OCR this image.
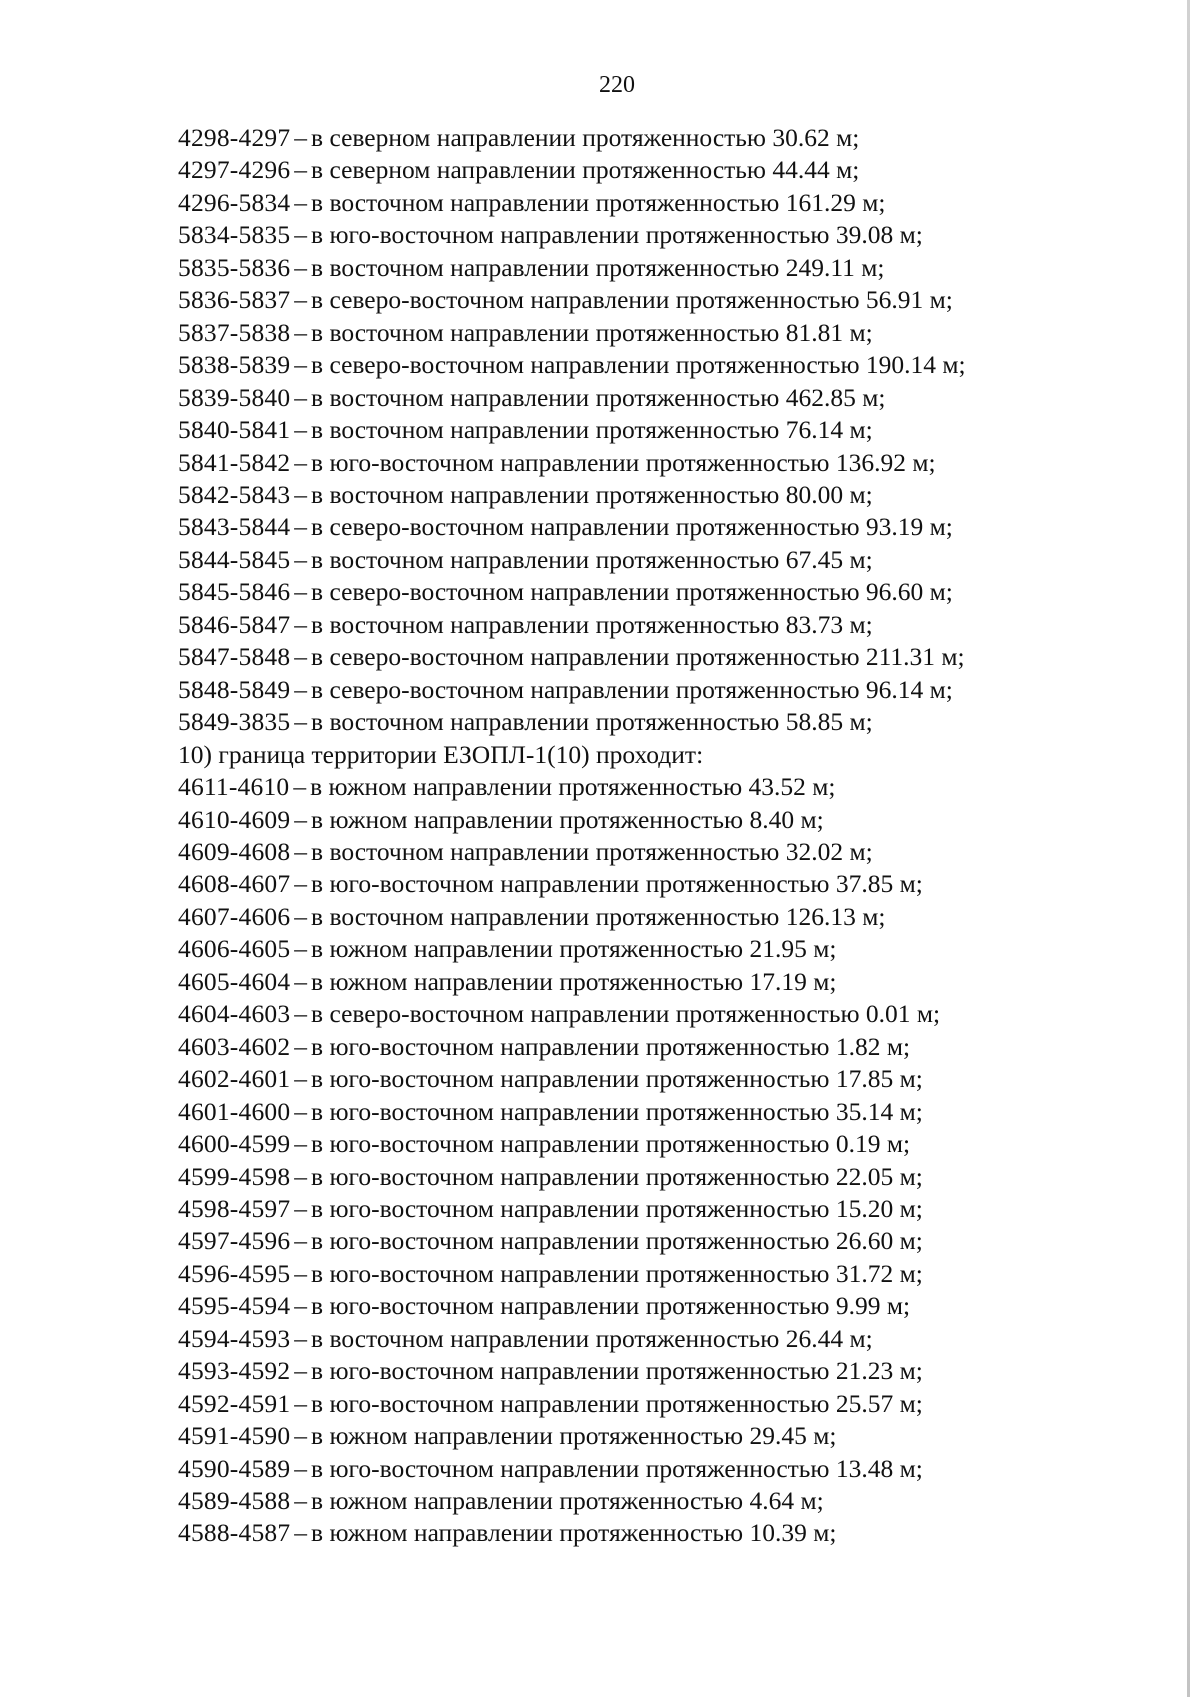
220
4298-4297 – в северном направлении протяженностью 30.62 м;
4297-4296 – в северном направлении протяженностью 44.44 м;
4296-5834 – в восточном направлении протяженностью 161.29 м;
5834-5835 – в юго-восточном направлении протяженностью 39.08 м;
5835-5836 – в восточном направлении протяженностью 249.11 м;
5836-5837 – в северо-восточном направлении протяженностью 56.91 м;
5837-5838 – в восточном направлении протяженностью 81.81 м;
5838-5839 – в северо-восточном направлении протяженностью 190.14 м;
5839-5840 – в восточном направлении протяженностью 462.85 м;
5840-5841 – в восточном направлении протяженностью 76.14 м;
5841-5842 – в юго-восточном направлении протяженностью 136.92 м;
5842-5843 – в восточном направлении протяженностью 80.00 м;
5843-5844 – в северо-восточном направлении протяженностью 93.19 м;
5844-5845 – в восточном направлении протяженностью 67.45 м;
5845-5846 – в северо-восточном направлении протяженностью 96.60 м;
5846-5847 – в восточном направлении протяженностью 83.73 м;
5847-5848 – в северо-восточном направлении протяженностью 211.31 м;
5848-5849 – в северо-восточном направлении протяженностью 96.14 м;
5849-3835 – в восточном направлении протяженностью 58.85 м;
10) граница территории ЕЗОПЛ-1(10) проходит:
4611-4610 – в южном направлении протяженностью 43.52 м;
4610-4609 – в южном направлении протяженностью 8.40 м;
4609-4608 – в восточном направлении протяженностью 32.02 м;
4608-4607 – в юго-восточном направлении протяженностью 37.85 м;
4607-4606 – в восточном направлении протяженностью 126.13 м;
4606-4605 – в южном направлении протяженностью 21.95 м;
4605-4604 – в южном направлении протяженностью 17.19 м;
4604-4603 – в северо-восточном направлении протяженностью 0.01 м;
4603-4602 – в юго-восточном направлении протяженностью 1.82 м;
4602-4601 – в юго-восточном направлении протяженностью 17.85 м;
4601-4600 – в юго-восточном направлении протяженностью 35.14 м;
4600-4599 – в юго-восточном направлении протяженностью 0.19 м;
4599-4598 – в юго-восточном направлении протяженностью 22.05 м;
4598-4597 – в юго-восточном направлении протяженностью 15.20 м;
4597-4596 – в юго-восточном направлении протяженностью 26.60 м;
4596-4595 – в юго-восточном направлении протяженностью 31.72 м;
4595-4594 – в юго-восточном направлении протяженностью 9.99 м;
4594-4593 – в восточном направлении протяженностью 26.44 м;
4593-4592 – в юго-восточном направлении протяженностью 21.23 м;
4592-4591 – в юго-восточном направлении протяженностью 25.57 м;
4591-4590 – в южном направлении протяженностью 29.45 м;
4590-4589 – в юго-восточном направлении протяженностью 13.48 м;
4589-4588 – в южном направлении протяженностью 4.64 м;
4588-4587 – в южном направлении протяженностью 10.39 м;
